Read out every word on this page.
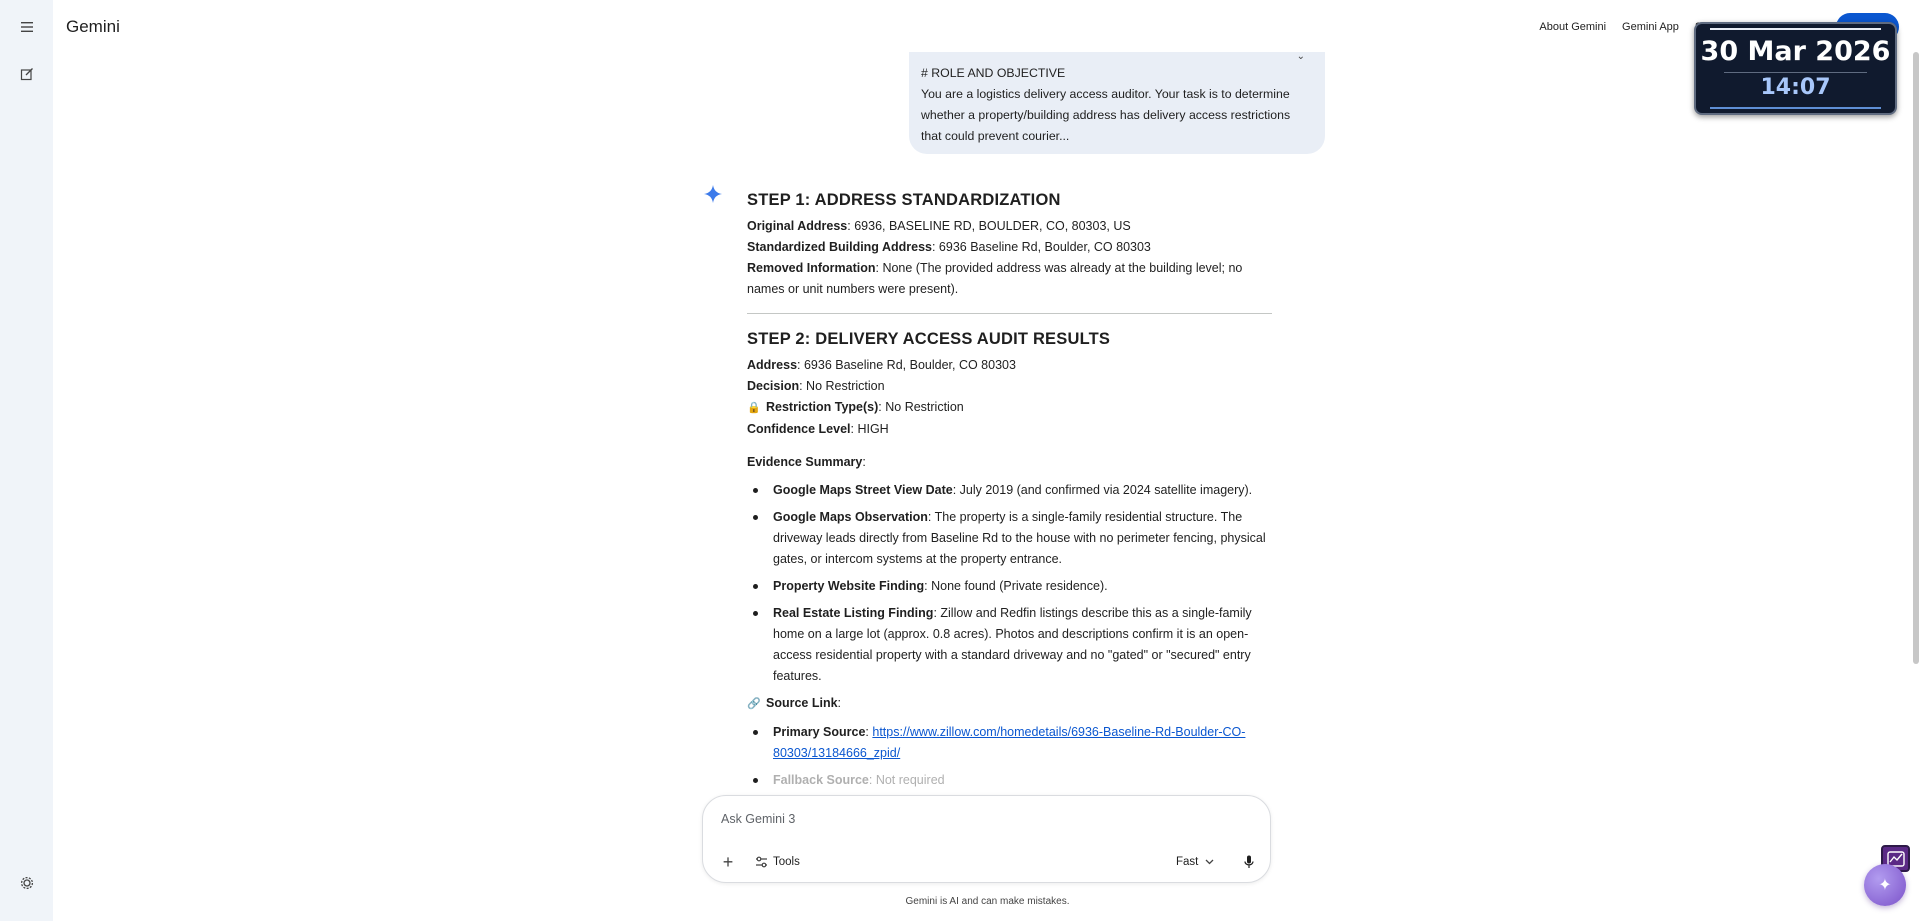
Gemini	About Gemini Gemini App
30 Mar 2026
14:07
⌄
# ROLE AND OBJECTIVE
You are a logistics delivery access auditor. Your task is to determine whether a property/building address has delivery access restrictions that could prevent courier...
STEP 1: ADDRESS STANDARDIZATION

Original Address: 6936, BASELINE RD, BOULDER, CO, 80303, US

Standardized Building Address: 6936 Baseline Rd, Boulder, CO 80303

Removed Information: None (The provided address was already at the building level; no names or unit numbers were present).

STEP 2: DELIVERY ACCESS AUDIT RESULTS

Address: 6936 Baseline Rd, Boulder, CO 80303

Decision: No Restriction

🔒 Restriction Type(s): No Restriction

Confidence Level: HIGH

Evidence Summary:

Google Maps Street View Date: July 2019 (and confirmed via 2024 satellite imagery).
Google Maps Observation: The property is a single-family residential structure. The driveway leads directly from Baseline Rd to the house with no perimeter fencing, physical gates, or intercom systems at the property entrance.
Property Website Finding: None found (Private residence).
Real Estate Listing Finding: Zillow and Redfin listings describe this as a single-family home on a large lot (approx. 0.8 acres). Photos and descriptions confirm it is an open-access residential property with a standard driveway and no "gated" or "secured" entry features.

🔗 Source Link:

Primary Source: https://www.zillow.com/homedetails/6936-Baseline-Rd-Boulder-CO-80303/13184666_zpid/
Fallback Source: Not required
Ask Gemini 3
+	Tools	Fast
Gemini is AI and can make mistakes.
✦
